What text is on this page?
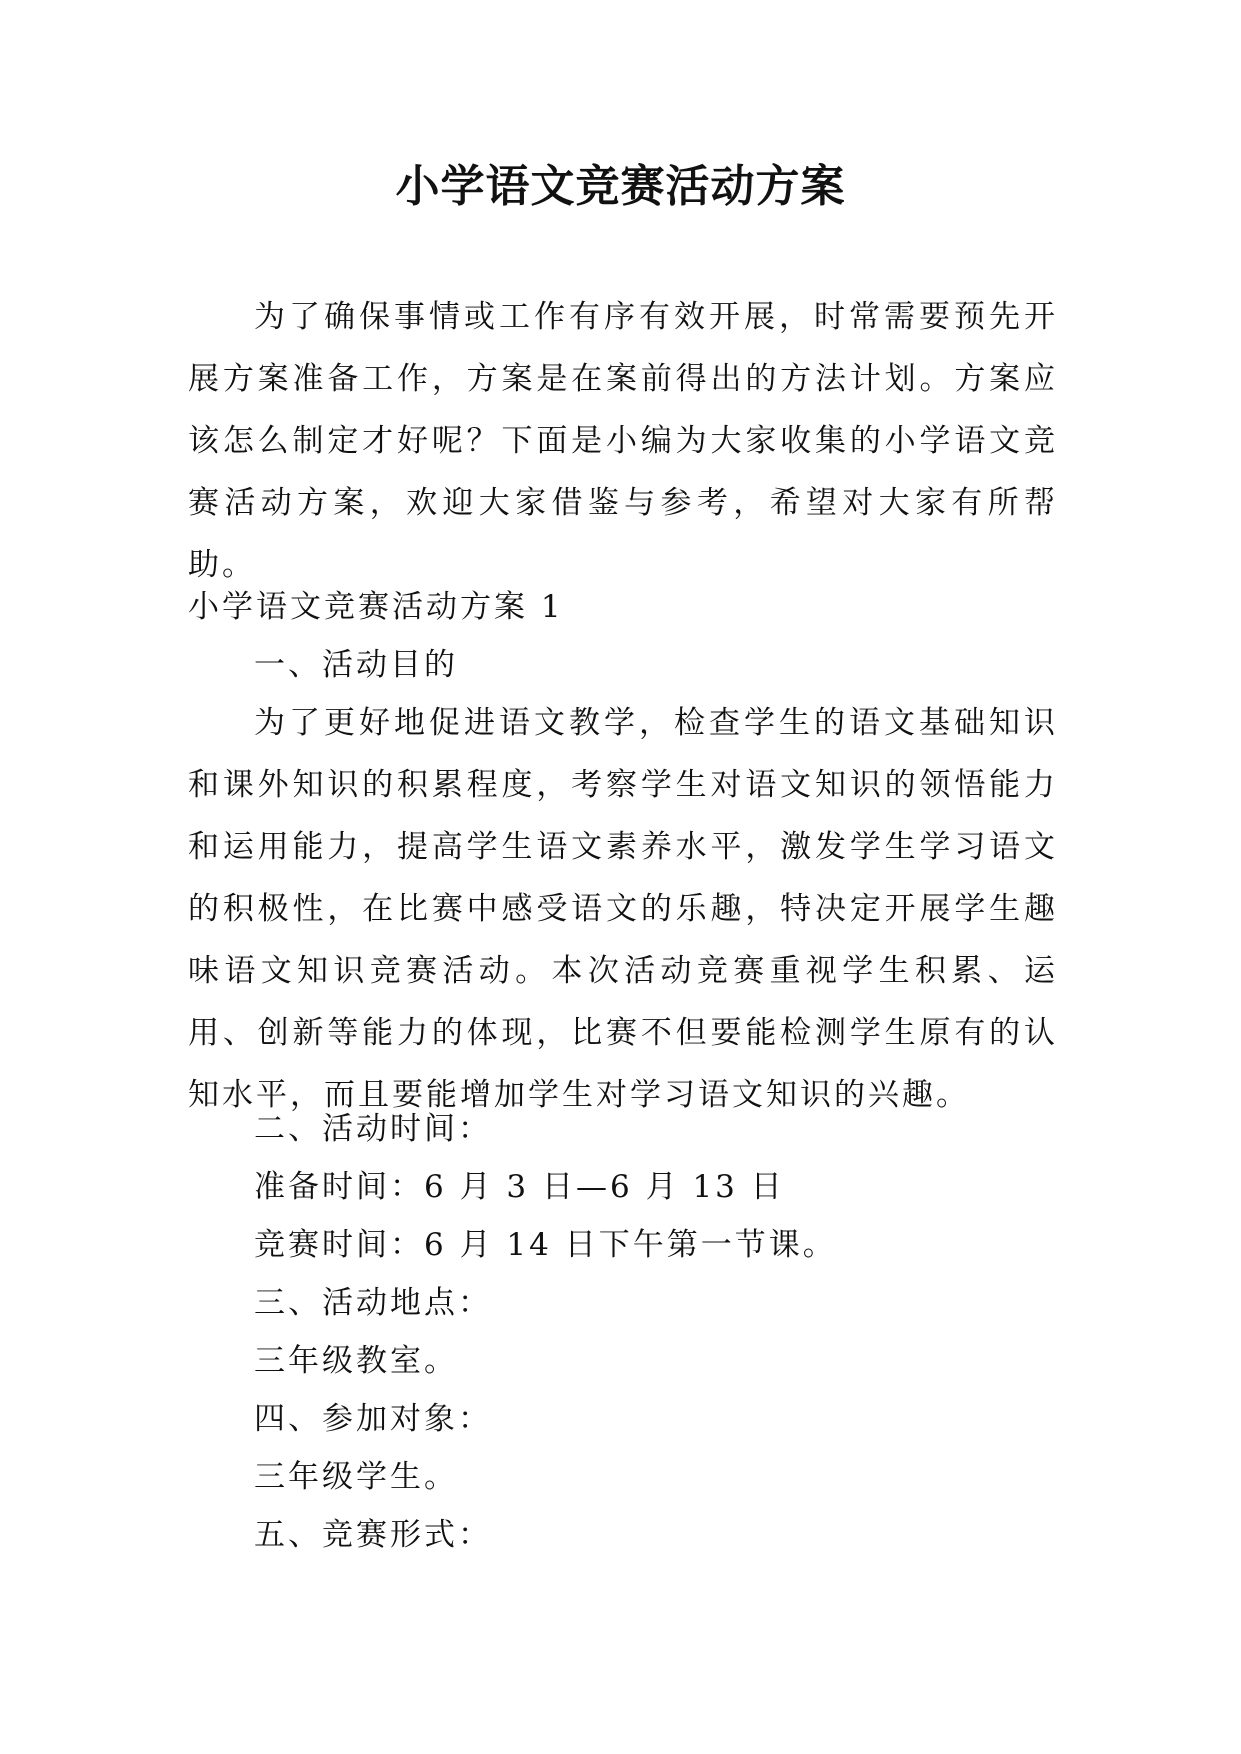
小学语文竞赛活动方案

为了确保事情或工作有序有效开展，时常需要预先开展方案准备工作，方案是在案前得出的方法计划。方案应该怎么制定才好呢？下面是小编为大家收集的小学语文竞赛活动方案，欢迎大家借鉴与参考，希望对大家有所帮助。

小学语文竞赛活动方案 1

一、活动目的

为了更好地促进语文教学，检查学生的语文基础知识和课外知识的积累程度，考察学生对语文知识的领悟能力和运用能力，提高学生语文素养水平，激发学生学习语文的积极性，在比赛中感受语文的乐趣，特决定开展学生趣味语文知识竞赛活动。本次活动竞赛重视学生积累、运用、创新等能力的体现，比赛不但要能检测学生原有的认知水平，而且要能增加学生对学习语文知识的兴趣。

二、活动时间：

准备时间：6 月 3 日—6 月 13 日

竞赛时间：6 月 14 日下午第一节课。

三、活动地点：

三年级教室。

四、参加对象：

三年级学生。

五、竞赛形式：
